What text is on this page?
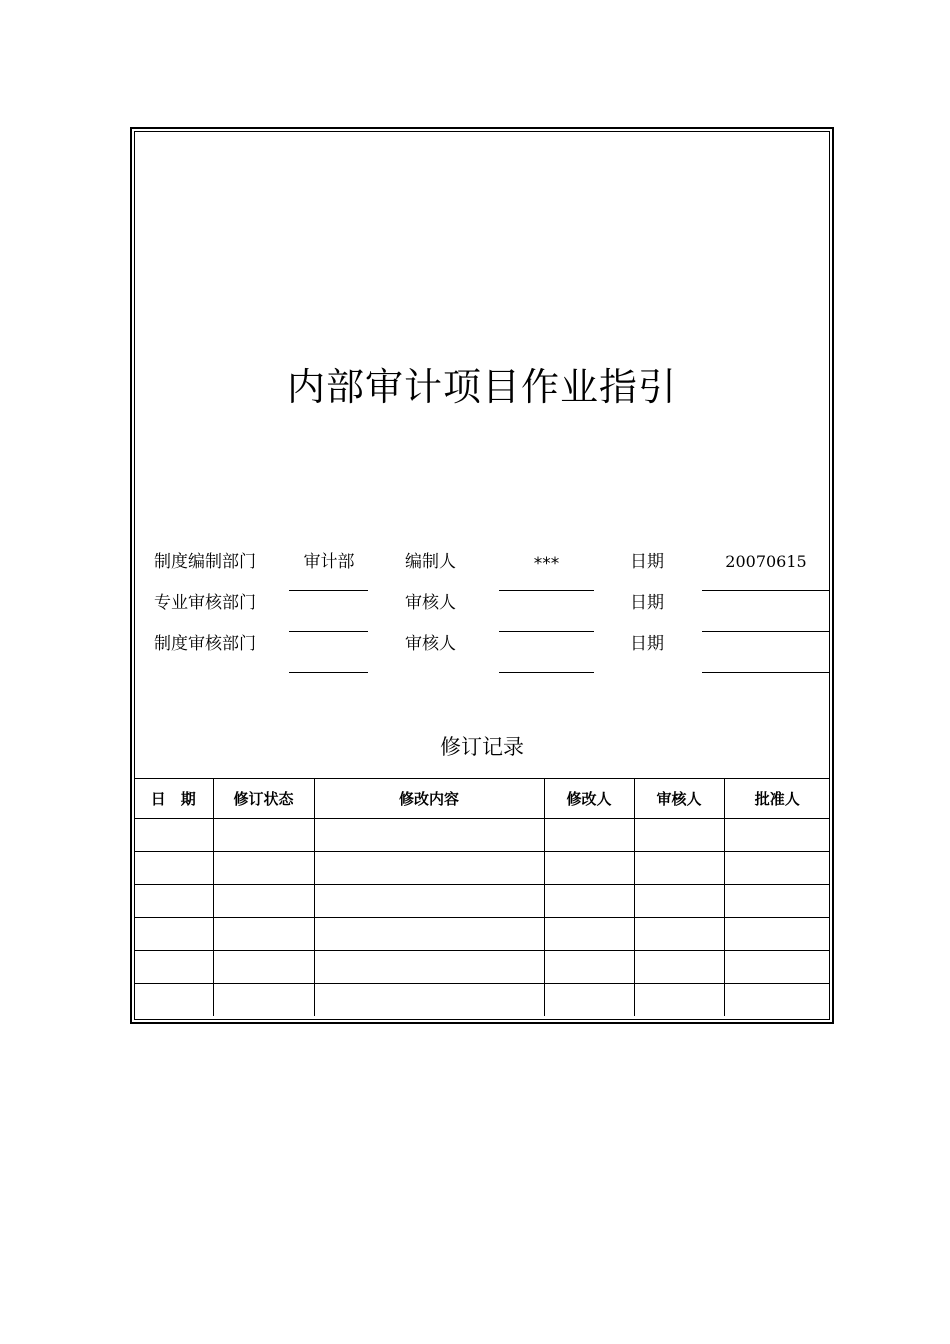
内部审计项目作业指引
制度编制部门	审计部	编制人	***	日期	20070615
专业审核部门	审核人	日期
制度审核部门	审核人	日期
修订记录
日　期	修订状态	修改内容	修改人	审核人	批准人
